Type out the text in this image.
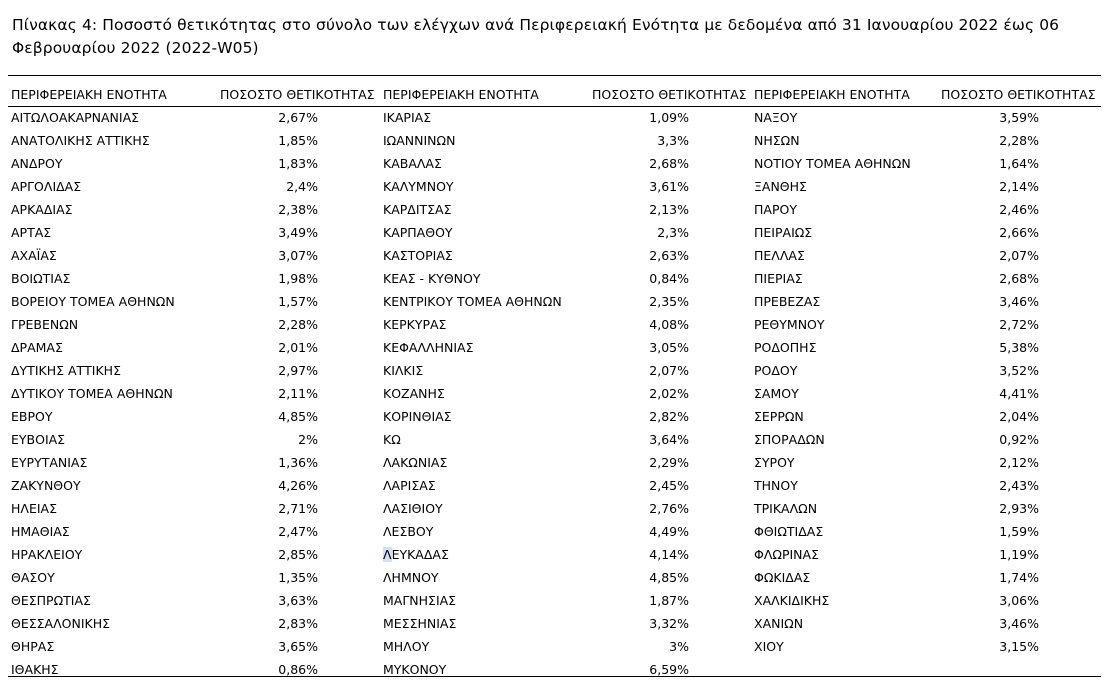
Πίνακας 4: Ποσοστό θετικότητας στο σύνολο των ελέγχων ανά Περιφερειακή Ενότητα με δεδομένα από 31 Ιανουαρίου 2022 έως 06
Φεβρουαρίου 2022 (2022-W05)
ΠΕΡΙΦΕΡΕΙΑΚΗ ΕΝΟΤΗΤΑ	ΠΟΣΟΣΤΟ ΘΕΤΙΚΟΤΗΤΑΣ ΠΕΡΙΦΕΡΕΙΑΚΗ ΕΝΟΤΗΤΑ	ΠΟΣΟΣΤΟ ΘΕΤΙΚΟΤΗΤΑΣ ΠΕΡΙΦΕΡΕΙΑΚΗ ΕΝΟΤΗΤΑ ΠΟΣΟΣΤΟ ΘΕΤΙΚΟΤΗΤΑΣ
ΑΙΤΩΛΟΑΚΑΡΝΑΝΙΑΣ	2,67%	ΙΚΑΡΙΑΣ	1,09%	ΝΑΞΟΥ	3,59%
ΑΝΑΤΟΛΙΚΗΣ ΑΤΤΙΚΗΣ	1,85%	ΙΩΑΝΝΙΝΩΝ	3,3%	ΝΗΣΩΝ	2,28%
ΑΝΔΡΟΥ	1,83%	ΚΑΒΑΛΑΣ	2,68%	ΝΟΤΙΟΥ ΤΟΜΕΑ ΑΘΗΝΩΝ	1,64%
ΑΡΓΟΛΙΔΑΣ	2,4%	ΚΑΛΥΜΝΟΥ	3,61%	ΞΑΝΘΗΣ	2,14%
ΑΡΚΑΔΙΑΣ	2,38%	ΚΑΡΔΙΤΣΑΣ	2,13%	ΠΑΡΟΥ	2,46%
ΑΡΤΑΣ	3,49%	ΚΑΡΠΑΘΟΥ	2,3%	ΠΕΙΡΑΙΩΣ	2,66%
ΑΧΑΪΑΣ	3,07%	ΚΑΣΤΟΡΙΑΣ	2,63%	ΠΕΛΛΑΣ	2,07%
ΒΟΙΩΤΙΑΣ	1,98%	ΚΕΑΣ - ΚΥΘΝΟΥ	0,84%	ΠΙΕΡΙΑΣ	2,68%
ΒΟΡΕΙΟΥ ΤΟΜΕΑ ΑΘΗΝΩΝ	1,57%	ΚΕΝΤΡΙΚΟΥ ΤΟΜΕΑ ΑΘΗΝΩΝ	2,35%	ΠΡΕΒΕΖΑΣ	3,46%
ΓΡΕΒΕΝΩΝ	2,28%	ΚΕΡΚΥΡΑΣ	4,08%	ΡΕΘΥΜΝΟΥ	2,72%
ΔΡΑΜΑΣ	2,01%	ΚΕΦΑΛΛΗΝΙΑΣ	3,05%	ΡΟΔΟΠΗΣ	5,38%
ΔΥΤΙΚΗΣ ΑΤΤΙΚΗΣ	2,97%	ΚΙΛΚΙΣ	2,07%	ΡΟΔΟΥ	3,52%
ΔΥΤΙΚΟΥ ΤΟΜΕΑ ΑΘΗΝΩΝ	2,11%	ΚΟΖΑΝΗΣ	2,02%	ΣΑΜΟΥ	4,41%
ΕΒΡΟΥ	4,85%	ΚΟΡΙΝΘΙΑΣ	2,82%	ΣΕΡΡΩΝ	2,04%
ΕΥΒΟΙΑΣ	2%	ΚΩ	3,64%	ΣΠΟΡΑΔΩΝ	0,92%
ΕΥΡΥΤΑΝΙΑΣ	1,36%	ΛΑΚΩΝΙΑΣ	2,29%	ΣΥΡΟΥ	2,12%
ΖΑΚΥΝΘΟΥ	4,26%	ΛΑΡΙΣΑΣ	2,45%	ΤΗΝΟΥ	2,43%
ΗΛΕΙΑΣ	2,71%	ΛΑΣΙΘΙΟΥ	2,76%	ΤΡΙΚΑΛΩΝ	2,93%
ΗΜΑΘΙΑΣ	2,47%	ΛΕΣΒΟΥ	4,49%	ΦΘΙΩΤΙΔΑΣ	1,59%
ΗΡΑΚΛΕΙΟΥ	2,85%	ΛΕΥΚΑΔΑΣ	4,14%	ΦΛΩΡΙΝΑΣ	1,19%
ΘΑΣΟΥ	1,35%	ΛΗΜΝΟΥ	4,85%	ΦΩΚΙΔΑΣ	1,74%
ΘΕΣΠΡΩΤΙΑΣ	3,63%	ΜΑΓΝΗΣΙΑΣ	1,87%	ΧΑΛΚΙΔΙΚΗΣ	3,06%
ΘΕΣΣΑΛΟΝΙΚΗΣ	2,83%	ΜΕΣΣΗΝΙΑΣ	3,32%	ΧΑΝΙΩΝ	3,46%
ΘΗΡΑΣ	3,65%	ΜΗΛΟΥ	3%	ΧΙΟΥ	3,15%
ΙΘΑΚΗΣ	0,86%	ΜΥΚΟΝΟΥ	6,59%
